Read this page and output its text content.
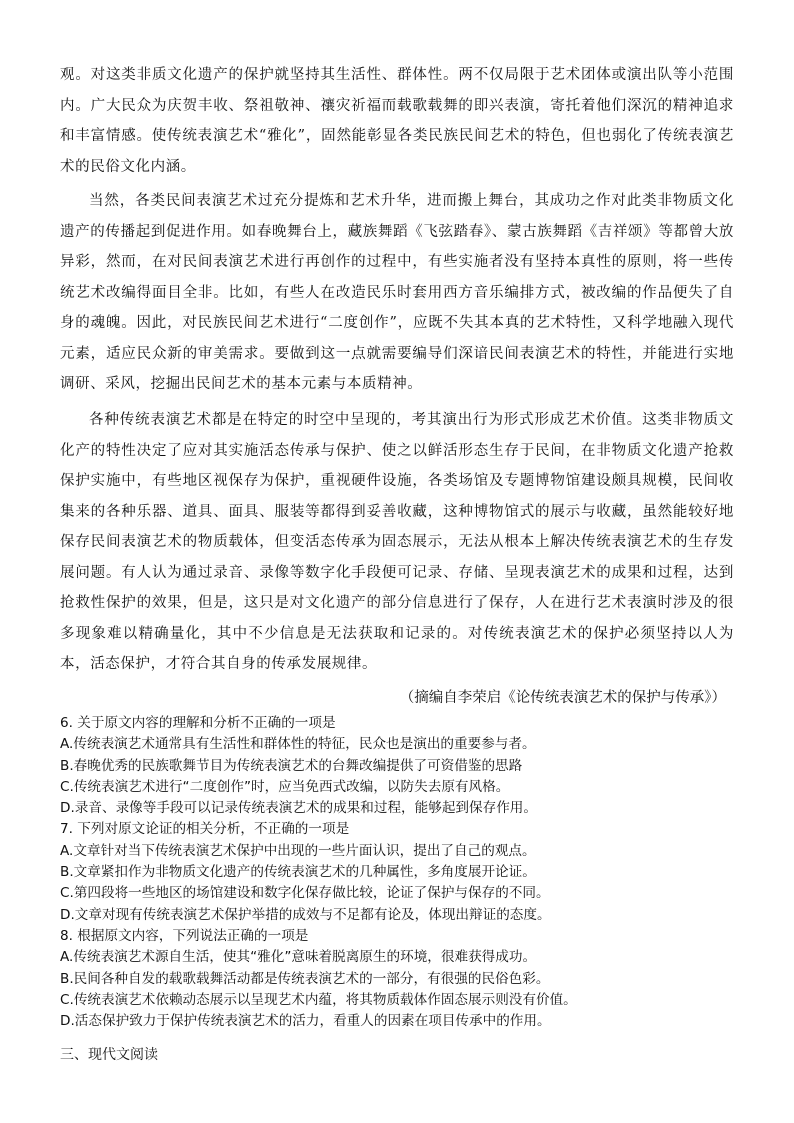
观。对这类非质文化遗产的保护就坚持其生活性、群体性。两不仅局限于艺术团体或演出队等小范围内。广大民众为庆贺丰收、祭祖敬神、禳灾祈福而载歌载舞的即兴表演，寄托着他们深沉的精神追求和丰富情感。使传统表演艺术“雅化”，固然能彰显各类民族民间艺术的特色，但也弱化了传统表演艺术的民俗文化内涵。

当然，各类民间表演艺术过充分提炼和艺术升华，进而搬上舞台，其成功之作对此类非物质文化遗产的传播起到促进作用。如春晚舞台上，藏族舞蹈《飞弦踏春》、蒙古族舞蹈《吉祥颂》等都曾大放异彩，然而，在对民间表演艺术进行再创作的过程中，有些实施者没有坚持本真性的原则，将一些传统艺术改编得面目全非。比如，有些人在改造民乐时套用西方音乐编排方式，被改编的作品便失了自身的魂魄。因此，对民族民间艺术进行“二度创作”，应既不失其本真的艺术特性，又科学地融入现代元素，适应民众新的审美需求。要做到这一点就需要编导们深谙民间表演艺术的特性，并能进行实地调研、采风，挖掘出民间艺术的基本元素与本质精神。

各种传统表演艺术都是在特定的时空中呈现的，考其演出行为形式形成艺术价值。这类非物质文化产的特性决定了应对其实施活态传承与保护、使之以鲜活形态生存于民间，在非物质文化遗产抢救保护实施中，有些地区视保存为保护，重视硬件设施，各类场馆及专题博物馆建设颇具规模，民间收集来的各种乐器、道具、面具、服装等都得到妥善收藏，这种博物馆式的展示与收藏，虽然能较好地保存民间表演艺术的物质载体，但变活态传承为固态展示，无法从根本上解决传统表演艺术的生存发展问题。有人认为通过录音、录像等数字化手段便可记录、存储、呈现表演艺术的成果和过程，达到抢救性保护的效果，但是，这只是对文化遗产的部分信息进行了保存，人在进行艺术表演时涉及的很多现象难以精确量化，其中不少信息是无法获取和记录的。对传统表演艺术的保护必须坚持以人为本，活态保护，才符合其自身的传承发展规律。

（摘编自李荣启《论传统表演艺术的保护与传承》）

6. 关于原文内容的理解和分析不正确的一项是
A.传统表演艺术通常具有生活性和群体性的特征，民众也是演出的重要参与者。
B.春晚优秀的民族歌舞节目为传统表演艺术的台舞改编提供了可资借鉴的思路
C.传统表演艺术进行“二度创作”时，应当免西式改编，以防失去原有风格。
D.录音、录像等手段可以记录传统表演艺术的成果和过程，能够起到保存作用。
7. 下列对原文论证的相关分析，不正确的一项是
A.文章针对当下传统表演艺术保护中出现的一些片面认识，提出了自己的观点。
B.文章紧扣作为非物质文化遗产的传统表演艺术的几种属性，多角度展开论证。
C.第四段将一些地区的场馆建设和数字化保存做比较，论证了保护与保存的不同。
D.文章对现有传统表演艺术保护举措的成效与不足都有论及，体现出辩证的态度。
8. 根据原文内容，下列说法正确的一项是
A.传统表演艺术源自生活，使其“雅化”意味着脱离原生的环境，很难获得成功。
B.民间各种自发的载歌载舞活动都是传统表演艺术的一部分，有很强的民俗色彩。
C.传统表演艺术依赖动态展示以呈现艺术内蕴，将其物质载体作固态展示则没有价值。
D.活态保护致力于保护传统表演艺术的活力，看重人的因素在项目传承中的作用。

三、现代文阅读
